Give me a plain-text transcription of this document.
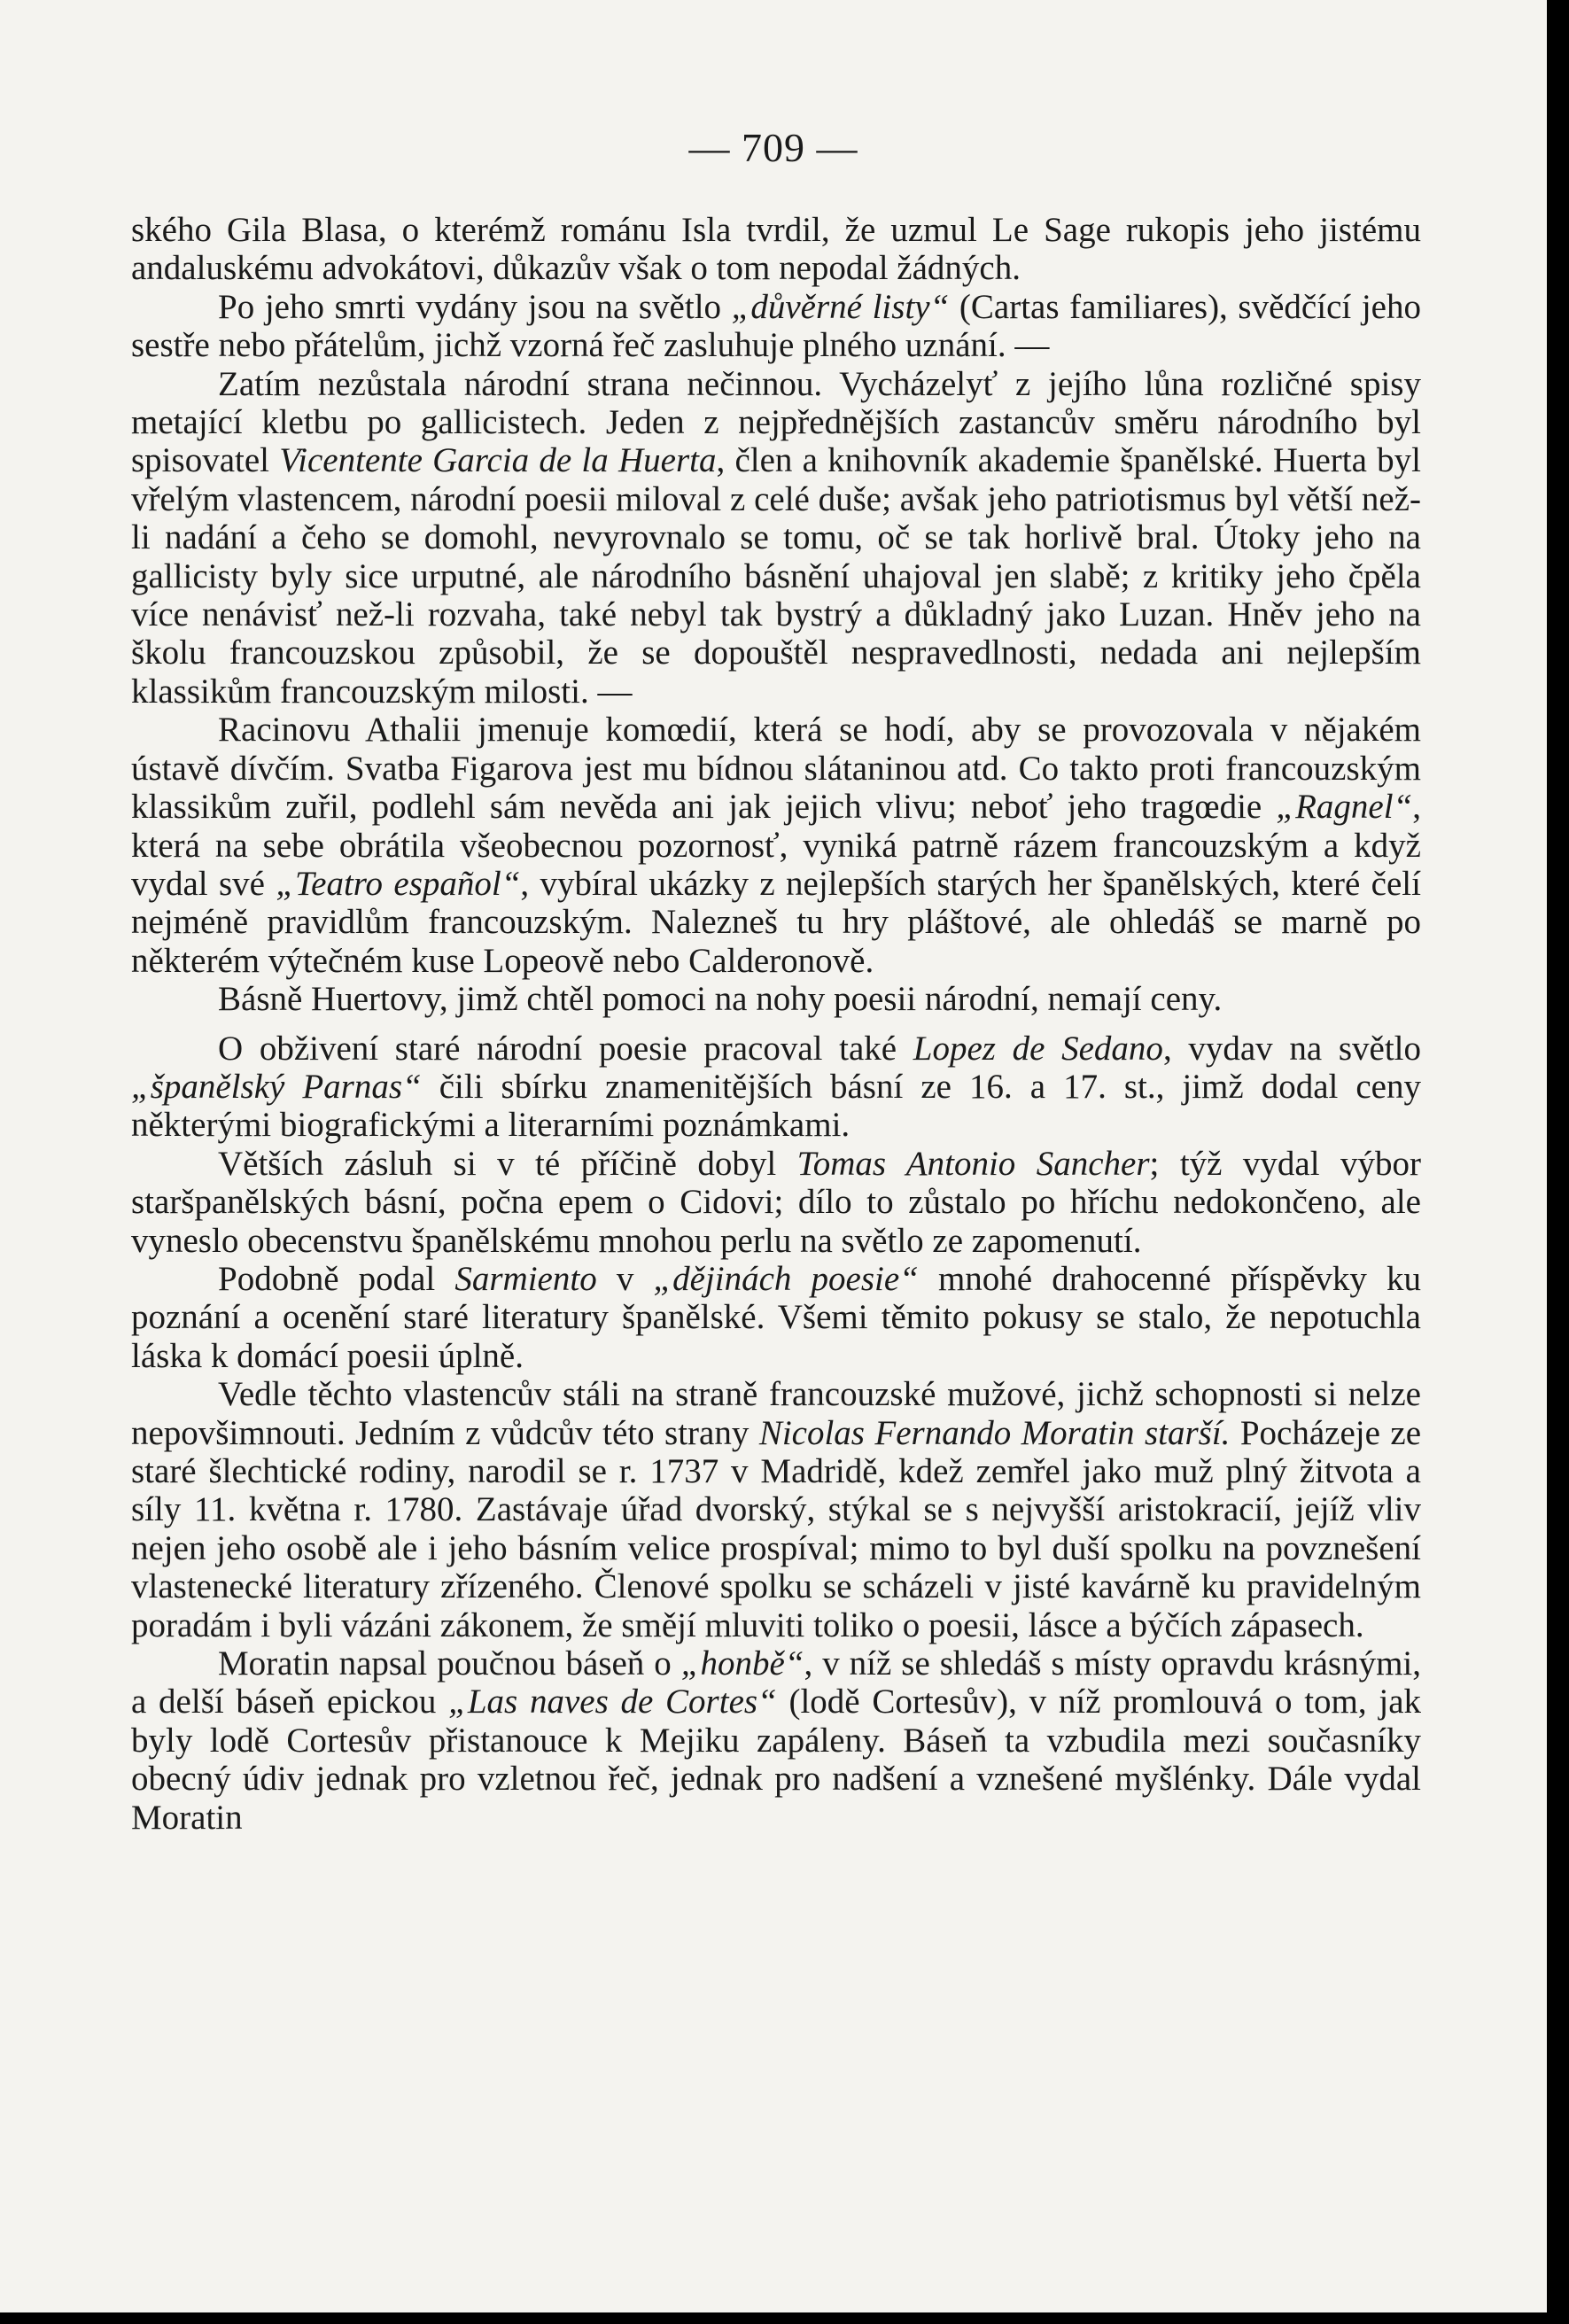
— 709 —

ského Gila Blasa, o kterémž románu Isla tvrdil, že uzmul Le Sage rukopis jeho jistému andaluskému advokátovi, důkazův však o tom nepodal žádných.

Po jeho smrti vydány jsou na světlo „důvěrné listy“ (Cartas familiares), svědčící jeho sestře nebo přátelům, jichž vzorná řeč zasluhuje plného uznání. —

Zatím nezůstala národní strana nečinnou. Vycházelyť z jejího lůna rozličné spisy metající kletbu po gallicistech. Jeden z nejpřednějších zastancův směru národního byl spisovatel Vicentente Garcia de la Huerta, člen a knihovník akademie španělské. Huerta byl vřelým vlastencem, národní poesii miloval z celé duše; avšak jeho patriotismus byl větší než-li nadání a čeho se domohl, nevyrovnalo se tomu, oč se tak horlivě bral. Útoky jeho na gallicisty byly sice urputné, ale národního básnění uhajoval jen slabě; z kritiky jeho čpěla více nenávisť než-li rozvaha, také nebyl tak bystrý a důkladný jako Luzan. Hněv jeho na školu francouzskou způsobil, že se dopouštěl nespravedlnosti, nedada ani nejlepším klassikům francouzským milosti. —

Racinovu Athalii jmenuje komœdií, která se hodí, aby se provozovala v nějakém ústavě dívčím. Svatba Figarova jest mu bídnou slátaninou atd. Co takto proti francouzským klassikům zuřil, podlehl sám nevěda ani jak jejich vlivu; neboť jeho tragœdie „Ragnel“, která na sebe obrátila všeobecnou pozornosť, vyniká patrně rázem francouzským a když vydal své „Teatro español“, vybíral ukázky z nejlepších starých her španělských, které čelí nejméně pravidlům francouzským. Nalezneš tu hry pláštové, ale ohledáš se marně po některém výtečném kuse Lopeově nebo Calderonově.

Básně Huertovy, jimž chtěl pomoci na nohy poesii národní, nemají ceny.

O obživení staré národní poesie pracoval také Lopez de Sedano, vydav na světlo „španělský Parnas“ čili sbírku znamenitějších básní ze 16. a 17. st., jimž dodal ceny některými biografickými a literarními poznámkami.

Větších zásluh si v té příčině dobyl Tomas Antonio Sancher; týž vydal výbor staršpanělských básní, počna epem o Cidovi; dílo to zůstalo po hříchu nedokončeno, ale vyneslo obecenstvu španělskému mnohou perlu na světlo ze zapomenutí.

Podobně podal Sarmiento v „dějinách poesie“ mnohé drahocenné příspěvky ku poznání a ocenění staré literatury španělské. Všemi těmito pokusy se stalo, že nepotuchla láska k domácí poesii úplně.

Vedle těchto vlastencův stáli na straně francouzské mužové, jichž schopnosti si nelze nepovšimnouti. Jedním z vůdcův této strany Nicolas Fernando Moratin starší. Pocházeje ze staré šlechtické rodiny, narodil se r. 1737 v Madridě, kdež zemřel jako muž plný žitvota a síly 11. května r. 1780. Zastávaje úřad dvorský, stýkal se s nejvyšší aristokracií, jejíž vliv nejen jeho osobě ale i jeho básním velice prospíval; mimo to byl duší spolku na povznešení vlastenecké literatury zřízeného. Členové spolku se scházeli v jisté kavárně ku pravidelným poradám i byli vázáni zákonem, že smějí mluviti toliko o poesii, lásce a býčích zápasech.

Moratin napsal poučnou báseň o „honbě“, v níž se shledáš s místy opravdu krásnými, a delší báseň epickou „Las naves de Cortes“ (lodě Cortesův), v níž promlouvá o tom, jak byly lodě Cortesův přistanouce k Mejiku zapáleny. Báseň ta vzbudila mezi současníky obecný údiv jednak pro vzletnou řeč, jednak pro nadšení a vznešené myšlénky. Dále vydal Moratin
